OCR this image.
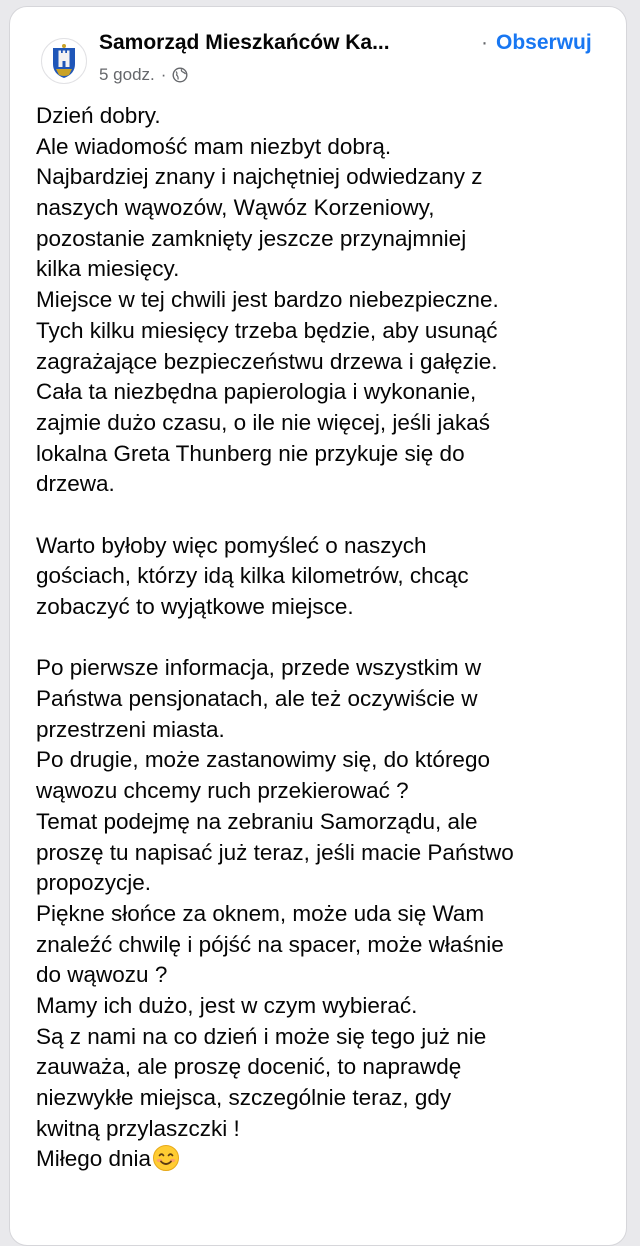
Samorząd Mieszkańców Ka...	· Obserwuj
5 godz. ·
Dzień dobry.
Ale wiadomość mam niezbyt dobrą.
Najbardziej znany i najchętniej odwiedzany z
naszych wąwozów, Wąwóz Korzeniowy,
pozostanie zamknięty jeszcze przynajmniej
kilka miesięcy.
Miejsce w tej chwili jest bardzo niebezpieczne.
Tych kilku miesięcy trzeba będzie, aby usunąć
zagrażające bezpieczeństwu drzewa i gałęzie.
Cała ta niezbędna papierologia i wykonanie,
zajmie dużo czasu, o ile nie więcej, jeśli jakaś
lokalna Greta Thunberg nie przykuje się do
drzewa.
Warto byłoby więc pomyśleć o naszych
gościach, którzy idą kilka kilometrów, chcąc
zobaczyć to wyjątkowe miejsce.
Po pierwsze informacja, przede wszystkim w
Państwa pensjonatach, ale też oczywiście w
przestrzeni miasta.
Po drugie, może zastanowimy się, do którego
wąwozu chcemy ruch przekierować ?
Temat podejmę na zebraniu Samorządu, ale
proszę tu napisać już teraz, jeśli macie Państwo
propozycje.
Piękne słońce za oknem, może uda się Wam
znaleźć chwilę i pójść na spacer, może właśnie
do wąwozu ?
Mamy ich dużo, jest w czym wybierać.
Są z nami na co dzień i może się tego już nie
zauważa, ale proszę docenić, to naprawdę
niezwykłe miejsca, szczególnie teraz, gdy
kwitną przylaszczki !
Miłego dnia
